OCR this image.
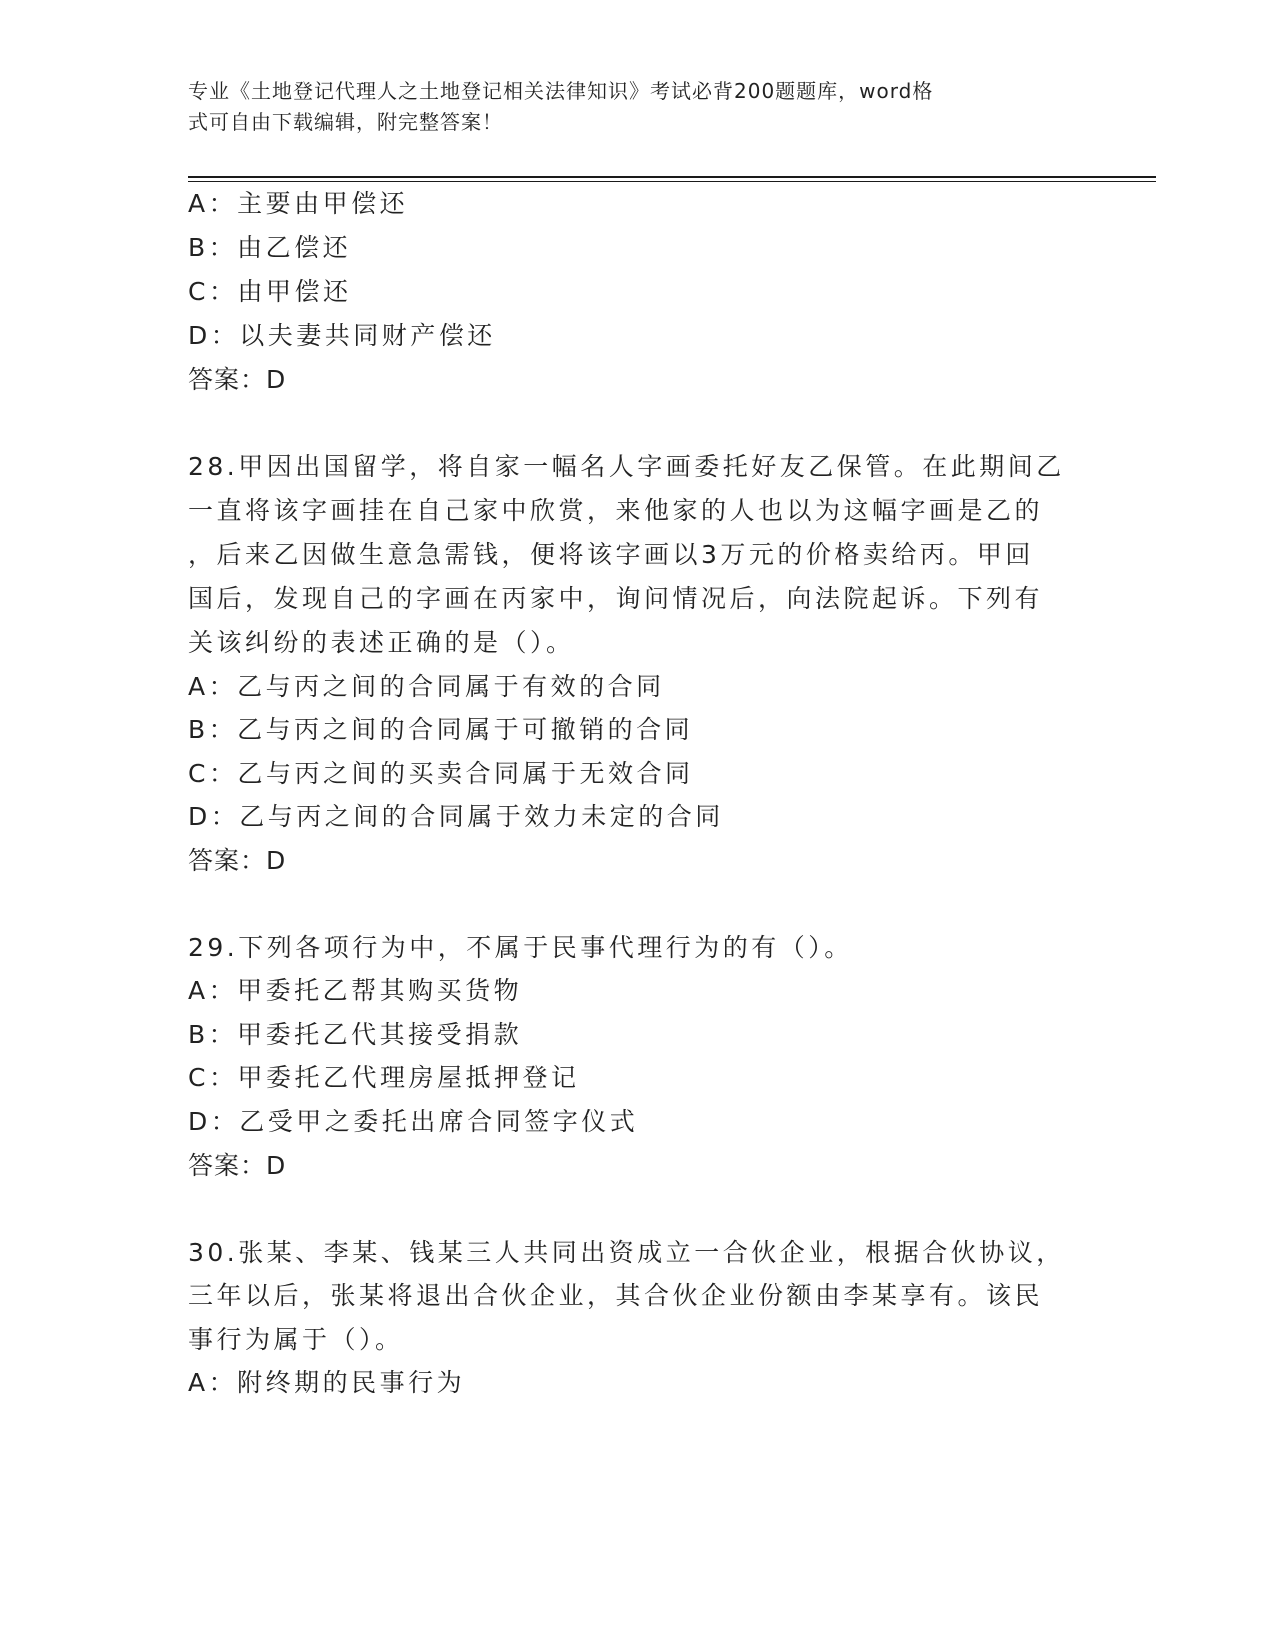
专业《土地登记代理人之土地登记相关法律知识》考试必背200题题库，word格
式可自由下载编辑，附完整答案！
A：主要由甲偿还
B：由乙偿还
C：由甲偿还
D：以夫妻共同财产偿还
答案：D
28.甲因出国留学，将自家一幅名人字画委托好友乙保管。在此期间乙
一直将该字画挂在自己家中欣赏，来他家的人也以为这幅字画是乙的
，后来乙因做生意急需钱，便将该字画以3万元的价格卖给丙。甲回
国后，发现自己的字画在丙家中，询问情况后，向法院起诉。下列有
关该纠纷的表述正确的是（）。
A：乙与丙之间的合同属于有效的合同
B：乙与丙之间的合同属于可撤销的合同
C：乙与丙之间的买卖合同属于无效合同
D：乙与丙之间的合同属于效力未定的合同
答案：D
29.下列各项行为中，不属于民事代理行为的有（）。
A：甲委托乙帮其购买货物
B：甲委托乙代其接受捐款
C：甲委托乙代理房屋抵押登记
D：乙受甲之委托出席合同签字仪式
答案：D
30.张某、李某、钱某三人共同出资成立一合伙企业，根据合伙协议，
三年以后，张某将退出合伙企业，其合伙企业份额由李某享有。该民
事行为属于（）。
A：附终期的民事行为
